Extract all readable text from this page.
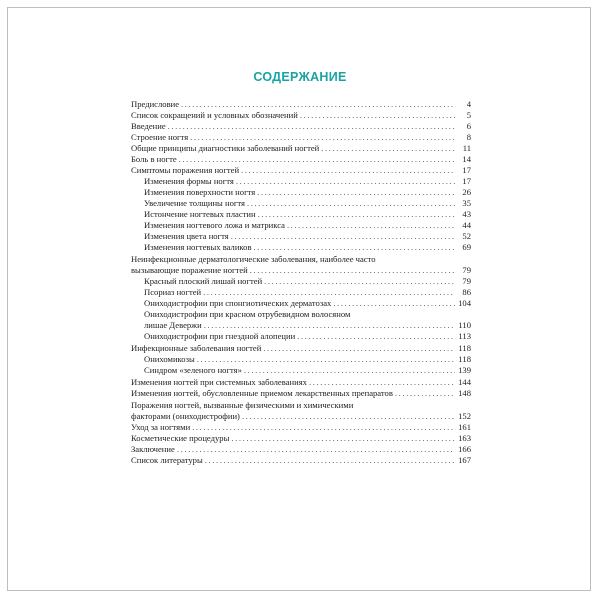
СОДЕРЖАНИЕ
Предисловие .....	4
Список сокращений и условных обозначений .....	5
Введение .....	6
Строение ногтя .....	8
Общие принципы диагностики заболеваний ногтей .....	11
Боль в ногте .....	14
Симптомы поражения ногтей .....	17
Изменения формы ногтя .....	17
Изменения поверхности ногтя .....	26
Увеличение толщины ногтя .....	35
Истончение ногтевых пластин .....	43
Изменения ногтевого ложа и матрикса .....	44
Изменения цвета ногтя .....	52
Изменения ногтевых валиков .....	69
Неинфекционные дерматологические заболевания, наиболее часто
вызывающие поражение ногтей .....	79
Красный плоский лишай ногтей .....	79
Псориаз ногтей .....	86
Ониходистрофии при спонгиотических дерматозах .....	104
Ониходистрофии при красном отрубевидном волосяном
лишае Девержи .....	110
Ониходистрофии при гнездной алопеции .....	113
Инфекционные заболевания ногтей .....	118
Онихомикозы .....	118
Синдром «зеленого ногтя» .....	139
Изменения ногтей при системных заболеваниях .....	144
Изменения ногтей, обусловленные приемом лекарственных препаратов .....	148
Поражения ногтей, вызванные физическими и химическими
факторами (ониходистрофии) .....	152
Уход за ногтями .....	161
Косметические процедуры .....	163
Заключение .....	166
Список литературы .....	167
